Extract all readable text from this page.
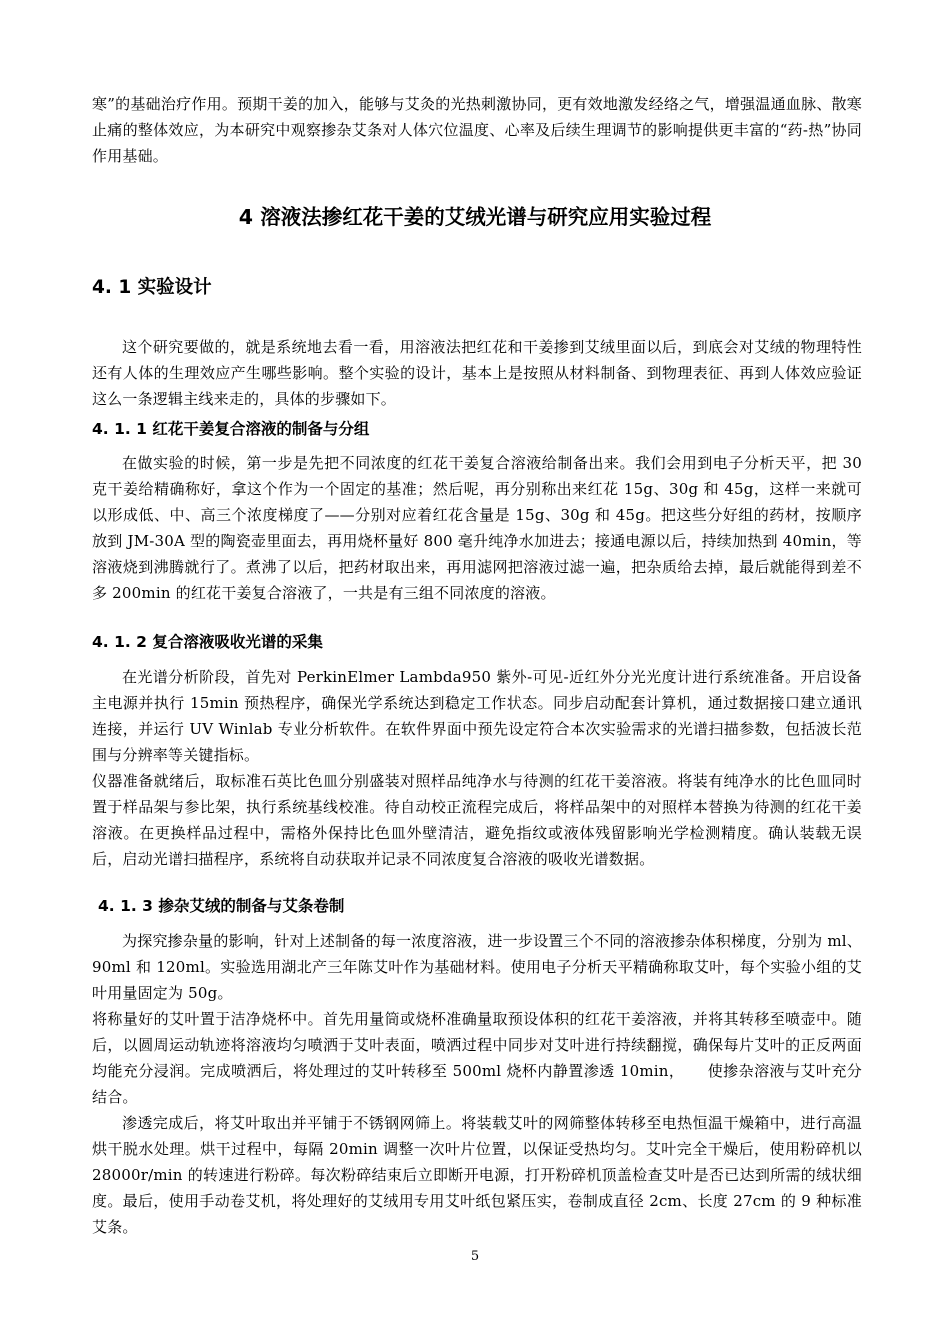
寒”的基础治疗作用。预期干姜的加入，能够与艾灸的光热刺激协同，更有效地激发经络之气，增强温通血脉、散寒止痛的整体效应，为本研究中观察掺杂艾条对人体穴位温度、心率及后续生理调节的影响提供更丰富的“药-热”协同作用基础。

4 溶液法掺红花干姜的艾绒光谱与研究应用实验过程
4. 1 实验设计

这个研究要做的，就是系统地去看一看，用溶液法把红花和干姜掺到艾绒里面以后，到底会对艾绒的物理特性还有人体的生理效应产生哪些影响。整个实验的设计，基本上是按照从材料制备、到物理表征、再到人体效应验证这么一条逻辑主线来走的，具体的步骤如下。

4. 1. 1 红花干姜复合溶液的制备与分组

在做实验的时候，第一步是先把不同浓度的红花干姜复合溶液给制备出来。我们会用到电子分析天平，把 30 克干姜给精确称好，拿这个作为一个固定的基准；然后呢，再分别称出来红花 15g、30g 和 45g，这样一来就可以形成低、中、高三个浓度梯度了——分别对应着红花含量是 15g、30g 和 45g。把这些分好组的药材，按顺序放到 JM-30A 型的陶瓷壶里面去，再用烧杯量好 800 毫升纯净水加进去；接通电源以后，持续加热到 40min，等溶液烧到沸腾就行了。煮沸了以后，把药材取出来，再用滤网把溶液过滤一遍，把杂质给去掉，最后就能得到差不多 200min 的红花干姜复合溶液了，一共是有三组不同浓度的溶液。

4. 1. 2 复合溶液吸收光谱的采集

在光谱分析阶段，首先对 PerkinElmer Lambda950 紫外-可见-近红外分光光度计进行系统准备。开启设备主电源并执行 15min 预热程序，确保光学系统达到稳定工作状态。同步启动配套计算机，通过数据接口建立通讯连接，并运行 UV Winlab 专业分析软件。在软件界面中预先设定符合本次实验需求的光谱扫描参数，包括波长范围与分辨率等关键指标。

仪器准备就绪后，取标准石英比色皿分别盛装对照样品纯净水与待测的红花干姜溶液。将装有纯净水的比色皿同时置于样品架与参比架，执行系统基线校准。待自动校正流程完成后，将样品架中的对照样本替换为待测的红花干姜溶液。在更换样品过程中，需格外保持比色皿外壁清洁，避免指纹或液体残留影响光学检测精度。确认装载无误后，启动光谱扫描程序，系统将自动获取并记录不同浓度复合溶液的吸收光谱数据。

4. 1. 3 掺杂艾绒的制备与艾条卷制

为探究掺杂量的影响，针对上述制备的每一浓度溶液，进一步设置三个不同的溶液掺杂体积梯度，分别为 ml、90ml 和 120ml。实验选用湖北产三年陈艾叶作为基础材料。使用电子分析天平精确称取艾叶，每个实验小组的艾叶用量固定为 50g。

将称量好的艾叶置于洁净烧杯中。首先用量筒或烧杯准确量取预设体积的红花干姜溶液，并将其转移至喷壶中。随后，以圆周运动轨迹将溶液均匀喷洒于艾叶表面，喷洒过程中同步对艾叶进行持续翻搅，确保每片艾叶的正反两面均能充分浸润。完成喷洒后，将处理过的艾叶转移至 500ml 烧杯内静置渗透 10min，　　使掺杂溶液与艾叶充分结合。

渗透完成后，将艾叶取出并平铺于不锈钢网筛上。将装载艾叶的网筛整体转移至电热恒温干燥箱中，进行高温烘干脱水处理。烘干过程中，每隔 20min 调整一次叶片位置，以保证受热均匀。艾叶完全干燥后，使用粉碎机以 28000r/min 的转速进行粉碎。每次粉碎结束后立即断开电源，打开粉碎机顶盖检查艾叶是否已达到所需的绒状细度。最后，使用手动卷艾机，将处理好的艾绒用专用艾叶纸包紧压实，卷制成直径 2cm、长度 27cm 的 9 种标准艾条。

5
